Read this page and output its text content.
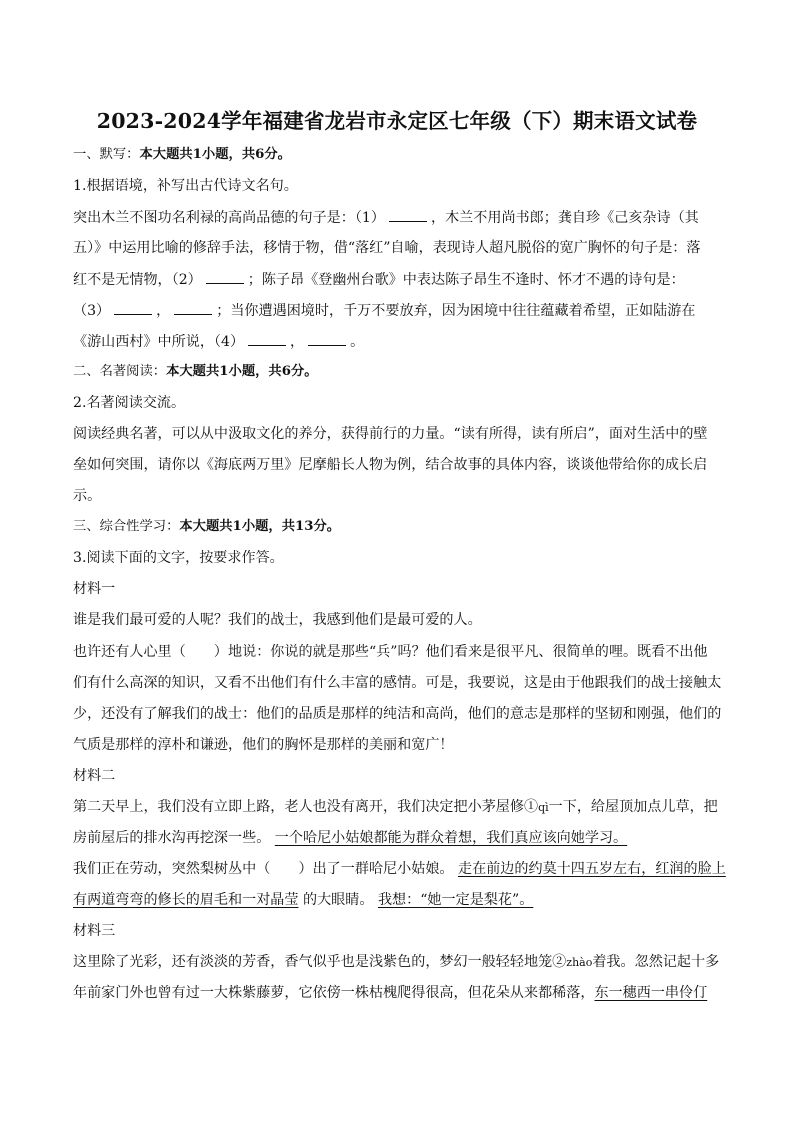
2023-2024学年福建省龙岩市永定区七年级（下）期末语文试卷
一、默写：本大题共1小题，共6分。
1.根据语境，补写出古代诗文名句。
突出木兰不图功名利禄的高尚品德的句子是：（1）	，木兰不用尚书郎；龚自珍《己亥杂诗（其
五）》中运用比喻的修辞手法，移情于物，借“落红”自喻，表现诗人超凡脱俗的宽广胸怀的句子是：落
红不是无情物，（2）	；陈子昂《登幽州台歌》中表达陈子昂生不逢时、怀才不遇的诗句是：
（3）	，	；当你遭遇困境时，千万不要放弃，因为困境中往往蕴藏着希望，正如陆游在
《游山西村》中所说，（4）	，	。
二、名著阅读：本大题共1小题，共6分。
2.名著阅读交流。
阅读经典名著，可以从中汲取文化的养分，获得前行的力量。“读有所得，读有所启”，面对生活中的壁
垒如何突围，请你以《海底两万里》尼摩船长人物为例，结合故事的具体内容，谈谈他带给你的成长启
示。
三、综合性学习：本大题共1小题，共13分。
3.阅读下面的文字，按要求作答。
材料一
谁是我们最可爱的人呢？我们的战士，我感到他们是最可爱的人。
也许还有人心里（　　）地说：你说的就是那些“兵”吗？他们看来是很平凡、很简单的哩。既看不出他
们有什么高深的知识，又看不出他们有什么丰富的感情。可是，我要说，这是由于他跟我们的战士接触太
少，还没有了解我们的战士：他们的品质是那样的纯洁和高尚，他们的意志是那样的坚韧和刚强，他们的
气质是那样的淳朴和谦逊，他们的胸怀是那样的美丽和宽广！
材料二
第二天早上，我们没有立即上路，老人也没有离开，我们决定把小茅屋修①qì一下，给屋顶加点儿草，把
房前屋后的排水沟再挖深一些。 一个哈尼小姑娘都能为群众着想，我们真应该向她学习。
我们正在劳动，突然梨树丛中（　　）出了一群哈尼小姑娘。 走在前边的约莫十四五岁左右，红润的脸上
有两道弯弯的修长的眉毛和一对晶莹 的大眼睛。 我想：“她一定是梨花”。
材料三
这里除了光彩，还有淡淡的芳香，香气似乎也是浅紫色的，梦幻一般轻轻地笼②zhào着我。忽然记起十多
年前家门外也曾有过一大株紫藤萝，它依傍一株枯槐爬得很高，但花朵从来都稀落，东一穗西一串伶仃
